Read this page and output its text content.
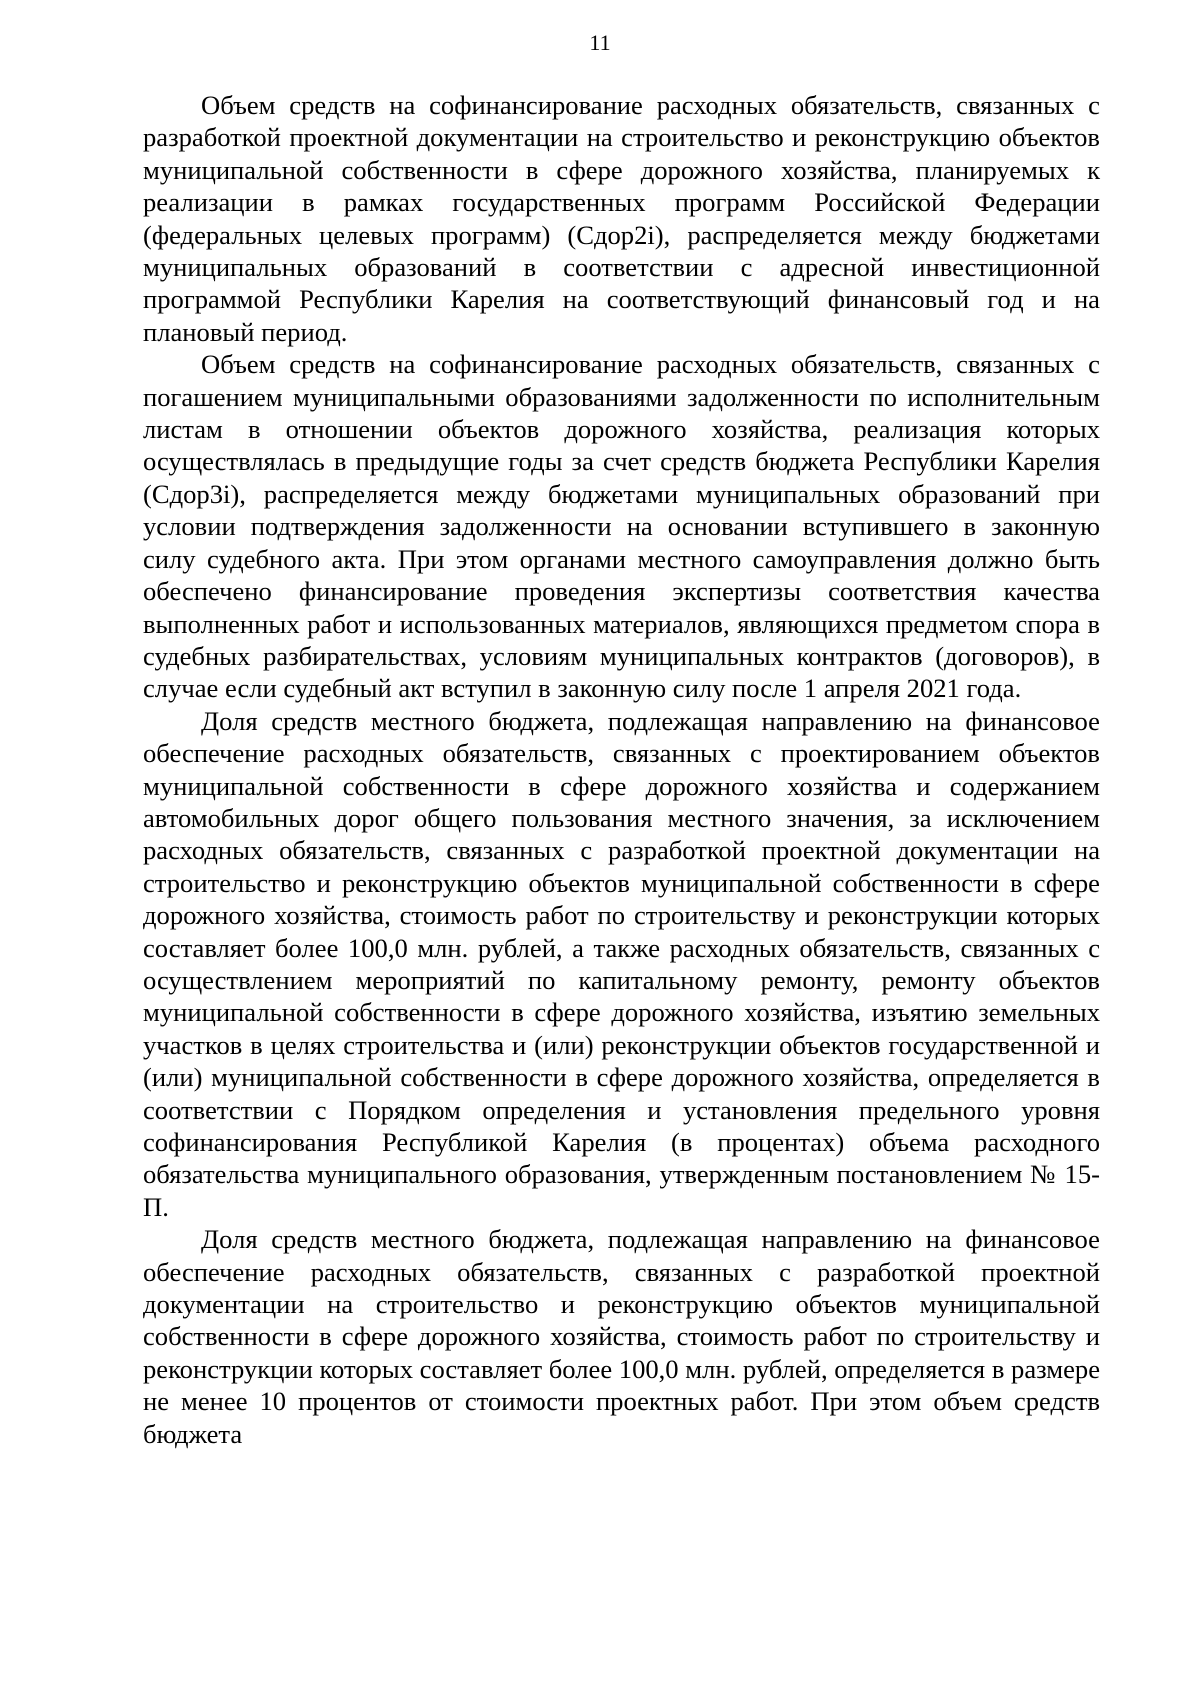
11

Объем средств на софинансирование расходных обязательств, связанных с разработкой проектной документации на строительство и реконструкцию объектов муниципальной собственности в сфере дорожного хозяйства, планируемых к реализации в рамках государственных программ Российской Федерации (федеральных целевых программ) (Cдор2i), распределяется между бюджетами муниципальных образований в соответствии с адресной инвестиционной программой Республики Карелия на соответствующий финансовый год и на плановый период.

Объем средств на софинансирование расходных обязательств, связанных с погашением муниципальными образованиями задолженности по исполнительным листам в отношении объектов дорожного хозяйства, реализация которых осуществлялась в предыдущие годы за счет средств бюджета Республики Карелия (Cдор3i), распределяется между бюджетами муниципальных образований при условии подтверждения задолженности на основании вступившего в законную силу судебного акта. При этом органами местного самоуправления должно быть обеспечено финансирование проведения экспертизы соответствия качества выполненных работ и использованных материалов, являющихся предметом спора в судебных разбирательствах, условиям муниципальных контрактов (договоров), в случае если судебный акт вступил в законную силу после 1 апреля 2021 года.

Доля средств местного бюджета, подлежащая направлению на финансовое обеспечение расходных обязательств, связанных с проектированием объектов муниципальной собственности в сфере дорожного хозяйства и содержанием автомобильных дорог общего пользования местного значения, за исключением расходных обязательств, связанных с разработкой проектной документации на строительство и реконструкцию объектов муниципальной собственности в сфере дорожного хозяйства, стоимость работ по строительству и реконструкции которых составляет более 100,0 млн. рублей, а также расходных обязательств, связанных с осуществлением мероприятий по капитальному ремонту, ремонту объектов муниципальной собственности в сфере дорожного хозяйства, изъятию земельных участков в целях строительства и (или) реконструкции объектов государственной и (или) муниципальной собственности в сфере дорожного хозяйства, определяется в соответствии с Порядком определения и установления предельного уровня софинансирования Республикой Карелия (в процентах) объема расходного обязательства муниципального образования, утвержденным постановлением № 15-П.

Доля средств местного бюджета, подлежащая направлению на финансовое обеспечение расходных обязательств, связанных с разработкой проектной документации на строительство и реконструкцию объектов муниципальной собственности в сфере дорожного хозяйства, стоимость работ по строительству и реконструкции которых составляет более 100,0 млн. рублей, определяется в размере не менее 10 процентов от стоимости проектных работ. При этом объем средств бюджета
